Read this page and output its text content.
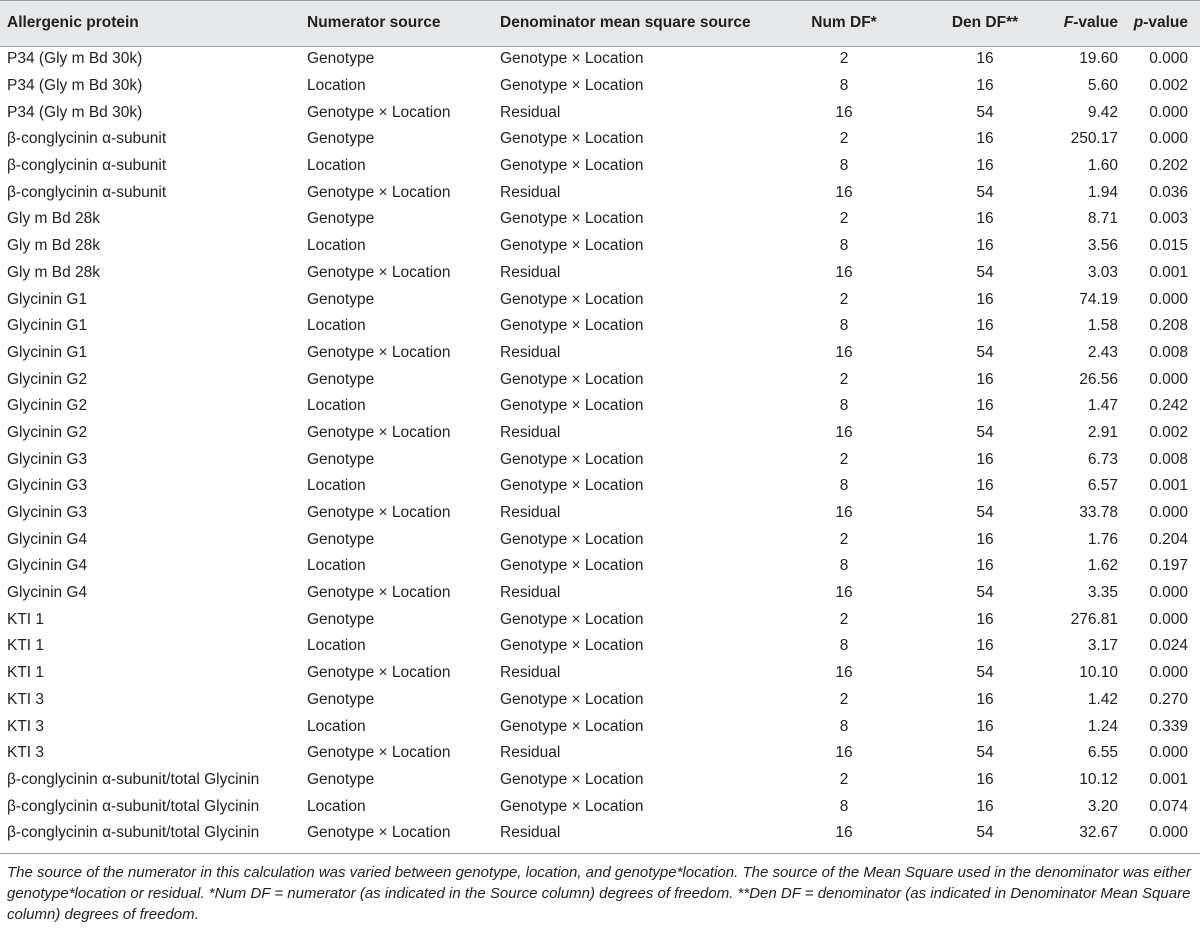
Allergenic protein	Numerator source	Denominator mean square source	Num DF*	Den DF**	F-value	p-value
P34 (Gly m Bd 30k)	Genotype	Genotype × Location	2	16	19.60	0.000
P34 (Gly m Bd 30k)	Location	Genotype × Location	8	16	5.60	0.002
P34 (Gly m Bd 30k)	Genotype × Location	Residual	16	54	9.42	0.000
β-conglycinin α-subunit	Genotype	Genotype × Location	2	16	250.17	0.000
β-conglycinin α-subunit	Location	Genotype × Location	8	16	1.60	0.202
β-conglycinin α-subunit	Genotype × Location	Residual	16	54	1.94	0.036
Gly m Bd 28k	Genotype	Genotype × Location	2	16	8.71	0.003
Gly m Bd 28k	Location	Genotype × Location	8	16	3.56	0.015
Gly m Bd 28k	Genotype × Location	Residual	16	54	3.03	0.001
Glycinin G1	Genotype	Genotype × Location	2	16	74.19	0.000
Glycinin G1	Location	Genotype × Location	8	16	1.58	0.208
Glycinin G1	Genotype × Location	Residual	16	54	2.43	0.008
Glycinin G2	Genotype	Genotype × Location	2	16	26.56	0.000
Glycinin G2	Location	Genotype × Location	8	16	1.47	0.242
Glycinin G2	Genotype × Location	Residual	16	54	2.91	0.002
Glycinin G3	Genotype	Genotype × Location	2	16	6.73	0.008
Glycinin G3	Location	Genotype × Location	8	16	6.57	0.001
Glycinin G3	Genotype × Location	Residual	16	54	33.78	0.000
Glycinin G4	Genotype	Genotype × Location	2	16	1.76	0.204
Glycinin G4	Location	Genotype × Location	8	16	1.62	0.197
Glycinin G4	Genotype × Location	Residual	16	54	3.35	0.000
KTI 1	Genotype	Genotype × Location	2	16	276.81	0.000
KTI 1	Location	Genotype × Location	8	16	3.17	0.024
KTI 1	Genotype × Location	Residual	16	54	10.10	0.000
KTI 3	Genotype	Genotype × Location	2	16	1.42	0.270
KTI 3	Location	Genotype × Location	8	16	1.24	0.339
KTI 3	Genotype × Location	Residual	16	54	6.55	0.000
β-conglycinin α-subunit/total Glycinin	Genotype	Genotype × Location	2	16	10.12	0.001
β-conglycinin α-subunit/total Glycinin	Location	Genotype × Location	8	16	3.20	0.074
β-conglycinin α-subunit/total Glycinin	Genotype × Location	Residual	16	54	32.67	0.000
The source of the numerator in this calculation was varied between genotype, location, and genotype*location. The source of the Mean Square used in the denominator was either genotype*location or residual. *Num DF = numerator (as indicated in the Source column) degrees of freedom. **Den DF = denominator (as indicated in Denominator Mean Square column) degrees of freedom.
